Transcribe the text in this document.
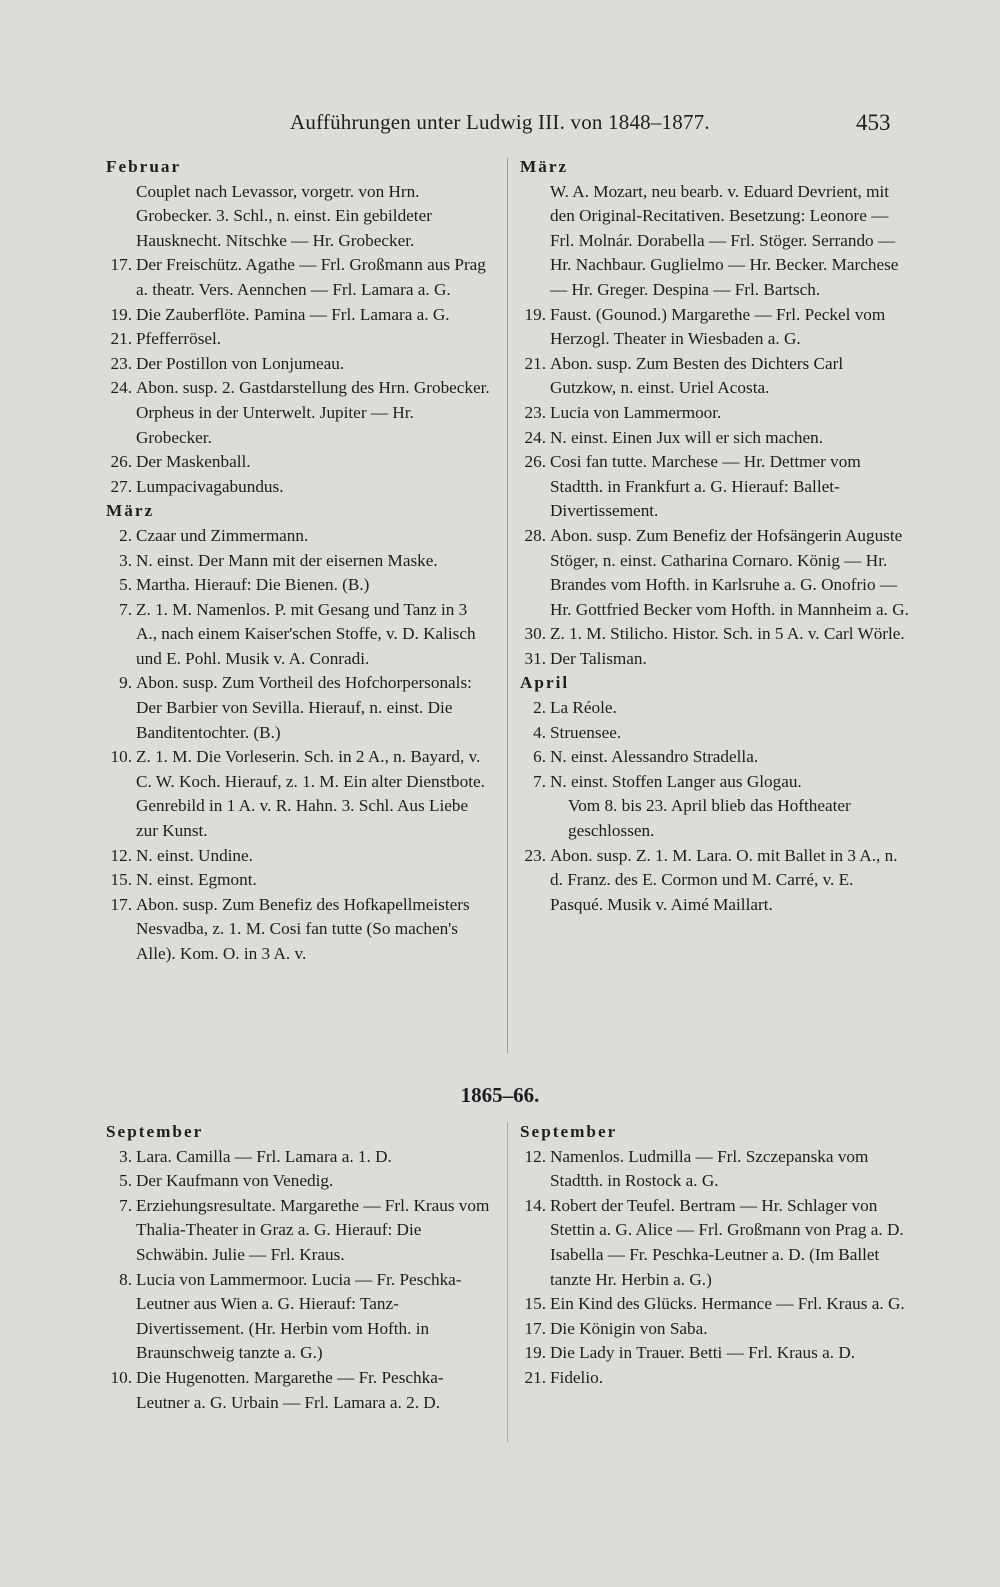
Aufführungen unter Ludwig III. von 1848–1877.	453
Februar
Couplet nach Levassor, vorgetr. von Hrn. Grobecker. 3. Schl., n. einst. Ein gebildeter Hausknecht. Nitschke — Hr. Grobecker.

17. Der Freischütz. Agathe — Frl. Großmann aus Prag a. theatr. Vers. Aennchen — Frl. Lamara a. G.

19. Die Zauberflöte. Pamina — Frl. Lamara a. G.

21. Pfefferrösel.

23. Der Postillon von Lonjumeau.

24. Abon. susp. 2. Gastdarstellung des Hrn. Grobecker. Orpheus in der Unterwelt. Jupiter — Hr. Grobecker.

26. Der Maskenball.

27. Lumpacivagabundus.

März

2. Czaar und Zimmermann.

3. N. einst. Der Mann mit der eisernen Maske.

5. Martha. Hierauf: Die Bienen. (B.)

7. Z. 1. M. Namenlos. P. mit Gesang und Tanz in 3 A., nach einem Kaiser'schen Stoffe, v. D. Kalisch und E. Pohl. Musik v. A. Conradi.

9. Abon. susp. Zum Vortheil des Hofchorpersonals: Der Barbier von Sevilla. Hierauf, n. einst. Die Banditentochter. (B.)

10. Z. 1. M. Die Vorleserin. Sch. in 2 A., n. Bayard, v. C. W. Koch. Hierauf, z. 1. M. Ein alter Dienstbote. Genrebild in 1 A. v. R. Hahn. 3. Schl. Aus Liebe zur Kunst.

12. N. einst. Undine.

15. N. einst. Egmont.

17. Abon. susp. Zum Benefiz des Hofkapellmeisters Nesvadba, z. 1. M. Cosi fan tutte (So machen's Alle). Kom. O. in 3 A. v.

März
W. A. Mozart, neu bearb. v. Eduard Devrient, mit den Original-Recitativen. Besetzung: Leonore — Frl. Molnár. Dorabella — Frl. Stöger. Serrando — Hr. Nachbaur. Guglielmo — Hr. Becker. Marchese — Hr. Greger. Despina — Frl. Bartsch.

19. Faust. (Gounod.) Margarethe — Frl. Peckel vom Herzogl. Theater in Wiesbaden a. G.

21. Abon. susp. Zum Besten des Dichters Carl Gutzkow, n. einst. Uriel Acosta.

23. Lucia von Lammermoor.

24. N. einst. Einen Jux will er sich machen.

26. Cosi fan tutte. Marchese — Hr. Dettmer vom Stadtth. in Frankfurt a. G. Hierauf: Ballet-Divertissement.

28. Abon. susp. Zum Benefiz der Hofsängerin Auguste Stöger, n. einst. Catharina Cornaro. König — Hr. Brandes vom Hofth. in Karlsruhe a. G. Onofrio — Hr. Gottfried Becker vom Hofth. in Mannheim a. G.

30. Z. 1. M. Stilicho. Histor. Sch. in 5 A. v. Carl Wörle.

31. Der Talisman.

April

2. La Réole.

4. Struensee.

6. N. einst. Alessandro Stradella.

7. N. einst. Stoffen Langer aus Glogau.

Vom 8. bis 23. April blieb das Hoftheater geschlossen.

23. Abon. susp. Z. 1. M. Lara. O. mit Ballet in 3 A., n. d. Franz. des E. Cormon und M. Carré, v. E. Pasqué. Musik v. Aimé Maillart.

1865–66.
September

3. Lara. Camilla — Frl. Lamara a. 1. D.

5. Der Kaufmann von Venedig.

7. Erziehungsresultate. Margarethe — Frl. Kraus vom Thalia-Theater in Graz a. G. Hierauf: Die Schwäbin. Julie — Frl. Kraus.

8. Lucia von Lammermoor. Lucia — Fr. Peschka-Leutner aus Wien a. G. Hierauf: Tanz-Divertissement. (Hr. Herbin vom Hofth. in Braunschweig tanzte a. G.)

10. Die Hugenotten. Margarethe — Fr. Peschka-Leutner a. G. Urbain — Frl. Lamara a. 2. D.

September

12. Namenlos. Ludmilla — Frl. Szczepanska vom Stadtth. in Rostock a. G.

14. Robert der Teufel. Bertram — Hr. Schlager von Stettin a. G. Alice — Frl. Großmann von Prag a. D. Isabella — Fr. Peschka-Leutner a. D. (Im Ballet tanzte Hr. Herbin a. G.)

15. Ein Kind des Glücks. Hermance — Frl. Kraus a. G.

17. Die Königin von Saba.

19. Die Lady in Trauer. Betti — Frl. Kraus a. D.

21. Fidelio.
